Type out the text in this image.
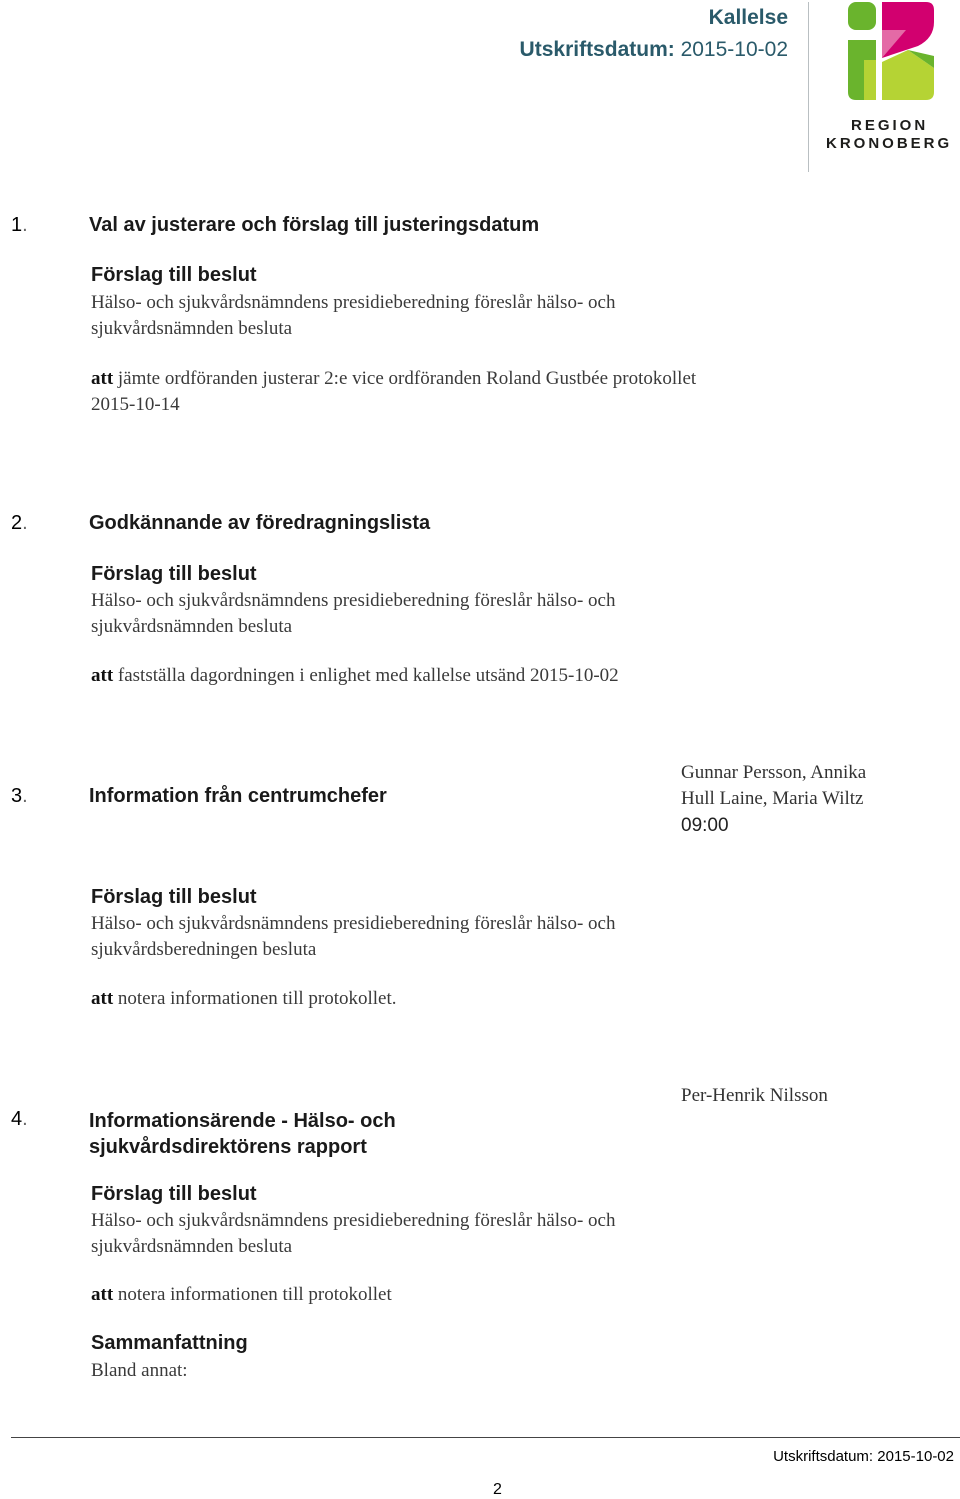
Kallelse
Utskriftsdatum: 2015-10-02
REGION
KRONOBERG
1.	Val av justerare och förslag till justeringsdatum
Förslag till beslut
Hälso- och sjukvårdsnämndens presidieberedning föreslår hälso- och
sjukvårdsnämnden besluta
att jämte ordföranden justerar 2:e vice ordföranden Roland Gustbée protokollet
2015-10-14
2.	Godkännande av föredragningslista
Förslag till beslut
Hälso- och sjukvårdsnämndens presidieberedning föreslår hälso- och
sjukvårdsnämnden besluta
att fastställa dagordningen i enlighet med kallelse utsänd 2015-10-02
3.	Information från centrumchefer
Gunnar Persson, Annika
Hull Laine, Maria Wiltz
09:00
Förslag till beslut
Hälso- och sjukvårdsnämndens presidieberedning föreslår hälso- och
sjukvårdsberedningen besluta
att notera informationen till protokollet.
4.	Informationsärende - Hälso- och
sjukvårdsdirektörens rapport
Per-Henrik Nilsson
Förslag till beslut
Hälso- och sjukvårdsnämndens presidieberedning föreslår hälso- och
sjukvårdsnämnden besluta
att notera informationen till protokollet
Sammanfattning
Bland annat:
Utskriftsdatum: 2015-10-02
2
